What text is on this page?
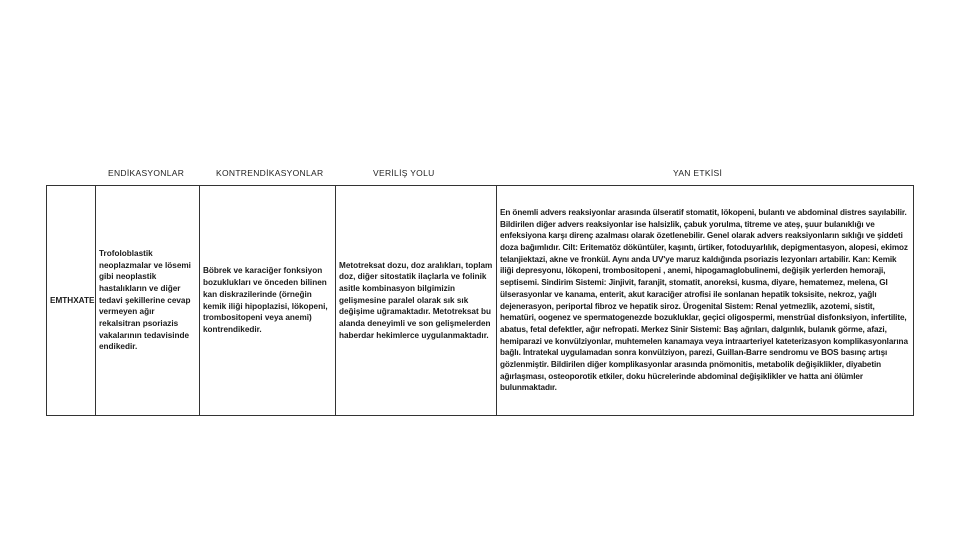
ENDİKASYONLAR	KONTRENDİKASYONLAR	VERİLİŞ YOLU	YAN ETKİSİ
EMTHXATE	Trofoloblastik neoplazmalar ve lösemi gibi neoplastik hastalıkların ve diğer tedavi şekillerine cevap vermeyen ağır rekalsitran psoriazis vakalarının tedavisinde endikedir.	Böbrek ve karaciğer fonksiyon bozuklukları ve önceden bilinen kan diskrazilerinde (örneğin kemik iliği hipoplazisi, lökopeni, trombositopeni veya anemi) kontrendikedir.	Metotreksat dozu, doz aralıkları, toplam doz, diğer sitostatik ilaçlarla ve folinik asitle kombinasyon bilgimizin gelişmesine paralel olarak sık sık değişime uğramaktadır. Metotreksat bu alanda deneyimli ve son gelişmelerden haberdar hekimlerce uygulanmaktadır.	En önemli advers reaksiyonlar arasında ülseratif stomatit, lökopeni, bulantı ve abdominal distres sayılabilir. Bildirilen diğer advers reaksiyonlar ise halsizlik, çabuk yorulma, titreme ve ateş, şuur bulanıklığı ve enfeksiyona karşı direnç azalması olarak özetlenebilir. Genel olarak advers reaksiyonların sıklığı ve şiddeti doza bağımlıdır. Cilt: Eritematöz döküntüler, kaşıntı, ürtiker, fotoduyarlılık, depigmentasyon, alopesi, ekimoz telanjiektazi, akne ve fronkül. Aynı anda UV'ye maruz kaldığında psoriazis lezyonları artabilir. Kan: Kemik iliği depresyonu, lökopeni, trombositopeni , anemi, hipogamaglobulinemi, değişik yerlerden hemoraji, septisemi. Sindirim Sistemi: Jinjivit, faranjit, stomatit, anoreksi, kusma, diyare, hematemez, melena, GI ülserasyonlar ve kanama, enterit, akut karaciğer atrofisi ile sonlanan hepatik toksisite, nekroz, yağlı dejenerasyon, periportal fibroz ve hepatik siroz. Ürogenital Sistem: Renal yetmezlik, azotemi, sistit, hematüri, oogenez ve spermatogenezde bozukluklar, geçici oligospermi, menstrüal disfonksiyon, infertilite, abatus, fetal defektler, ağır nefropati. Merkez Sinir Sistemi: Baş ağrıları, dalgınlık, bulanık görme, afazi, hemiparazi ve konvülziyonlar, muhtemelen kanamaya veya intraarteriyel kateterizasyon komplikasyonlarına bağlı. İntratekal uygulamadan sonra konvülziyon, parezi, Guillan-Barre sendromu ve BOS basınç artışı gözlenmiştir. Bildirilen diğer komplikasyonlar arasında pnömonitis, metabolik değişiklikler, diyabetin ağırlaşması, osteoporotik etkiler, doku hücrelerinde abdominal değişiklikler ve hatta ani ölümler bulunmaktadır.
